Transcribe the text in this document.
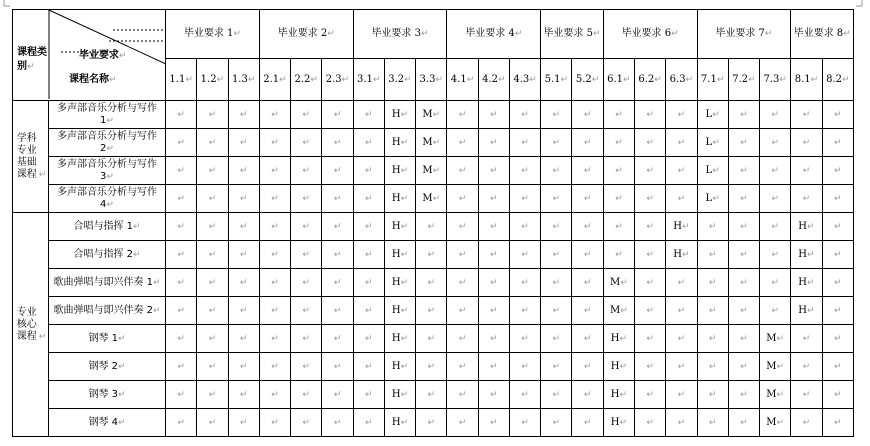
课程类别↵
毕业要求↵
课程名称↵		毕业要求 1↵			毕业要求 2↵			毕业要求 3↵			毕业要求 4↵			毕业要求 5↵		毕业要求 6↵			毕业要求 7↵			毕业要求 8↵	
		1.1↵	1.2↵	1.3↵	2.1↵	2.2↵	2.3↵	3.1↵	3.2↵	3.3↵	4.1↵	4.2↵	4.3↵	5.1↵	5.2↵	6.1↵	6.2↵	6.3↵	7.1↵	7.2↵	7.3↵	8.1↵	8.2↵
学科专业基础课程 ↵	多声部音乐分析与写作 1↵	↵	↵	↵	↵	↵	↵	↵	H↵	M↵	↵	↵	↵	↵	↵	↵	↵	↵	L↵	↵	↵	↵	↵
	多声部音乐分析与写作 2↵	↵	↵	↵	↵	↵	↵	↵	H↵	M↵	↵	↵	↵	↵	↵	↵	↵	↵	L↵	↵	↵	↵	↵
	多声部音乐分析与写作 3↵	↵	↵	↵	↵	↵	↵	↵	H↵	M↵	↵	↵	↵	↵	↵	↵	↵	↵	L↵	↵	↵	↵	↵
	多声部音乐分析与写作 4↵	↵	↵	↵	↵	↵	↵	↵	H↵	M↵	↵	↵	↵	↵	↵	↵	↵	↵	L↵	↵	↵	↵	↵
专业核心课程 ↵	合唱与指挥 1↵	↵	↵	↵	↵	↵	↵	↵	H↵	↵	↵	↵	↵	↵	↵	↵	↵	H↵	↵	↵	↵	H↵	↵
	合唱与指挥 2↵	↵	↵	↵	↵	↵	↵	↵	H↵	↵	↵	↵	↵	↵	↵	↵	↵	H↵	↵	↵	↵	H↵	↵
	歌曲弹唱与即兴伴奏 1↵	↵	↵	↵	↵	↵	↵	↵	H↵	↵	↵	↵	↵	↵	↵	M↵	↵	↵	↵	↵	↵	H↵	↵
	歌曲弹唱与即兴伴奏 2↵	↵	↵	↵	↵	↵	↵	↵	H↵	↵	↵	↵	↵	↵	↵	M↵	↵	↵	↵	↵	↵	H↵	↵
	钢琴 1↵	↵	↵	↵	↵	↵	↵	↵	H↵	↵	↵	↵	↵	↵	↵	H↵	↵	↵	↵	↵	M↵	↵	↵
	钢琴 2↵	↵	↵	↵	↵	↵	↵	↵	H↵	↵	↵	↵	↵	↵	↵	H↵	↵	↵	↵	↵	M↵	↵	↵
	钢琴 3↵	↵	↵	↵	↵	↵	↵	↵	H↵	↵	↵	↵	↵	↵	↵	H↵	↵	↵	↵	↵	M↵	↵	↵
	钢琴 4↵	↵	↵	↵	↵	↵	↵	↵	H↵	↵	↵	↵	↵	↵	↵	H↵	↵	↵	↵	↵	M↵	↵	↵
